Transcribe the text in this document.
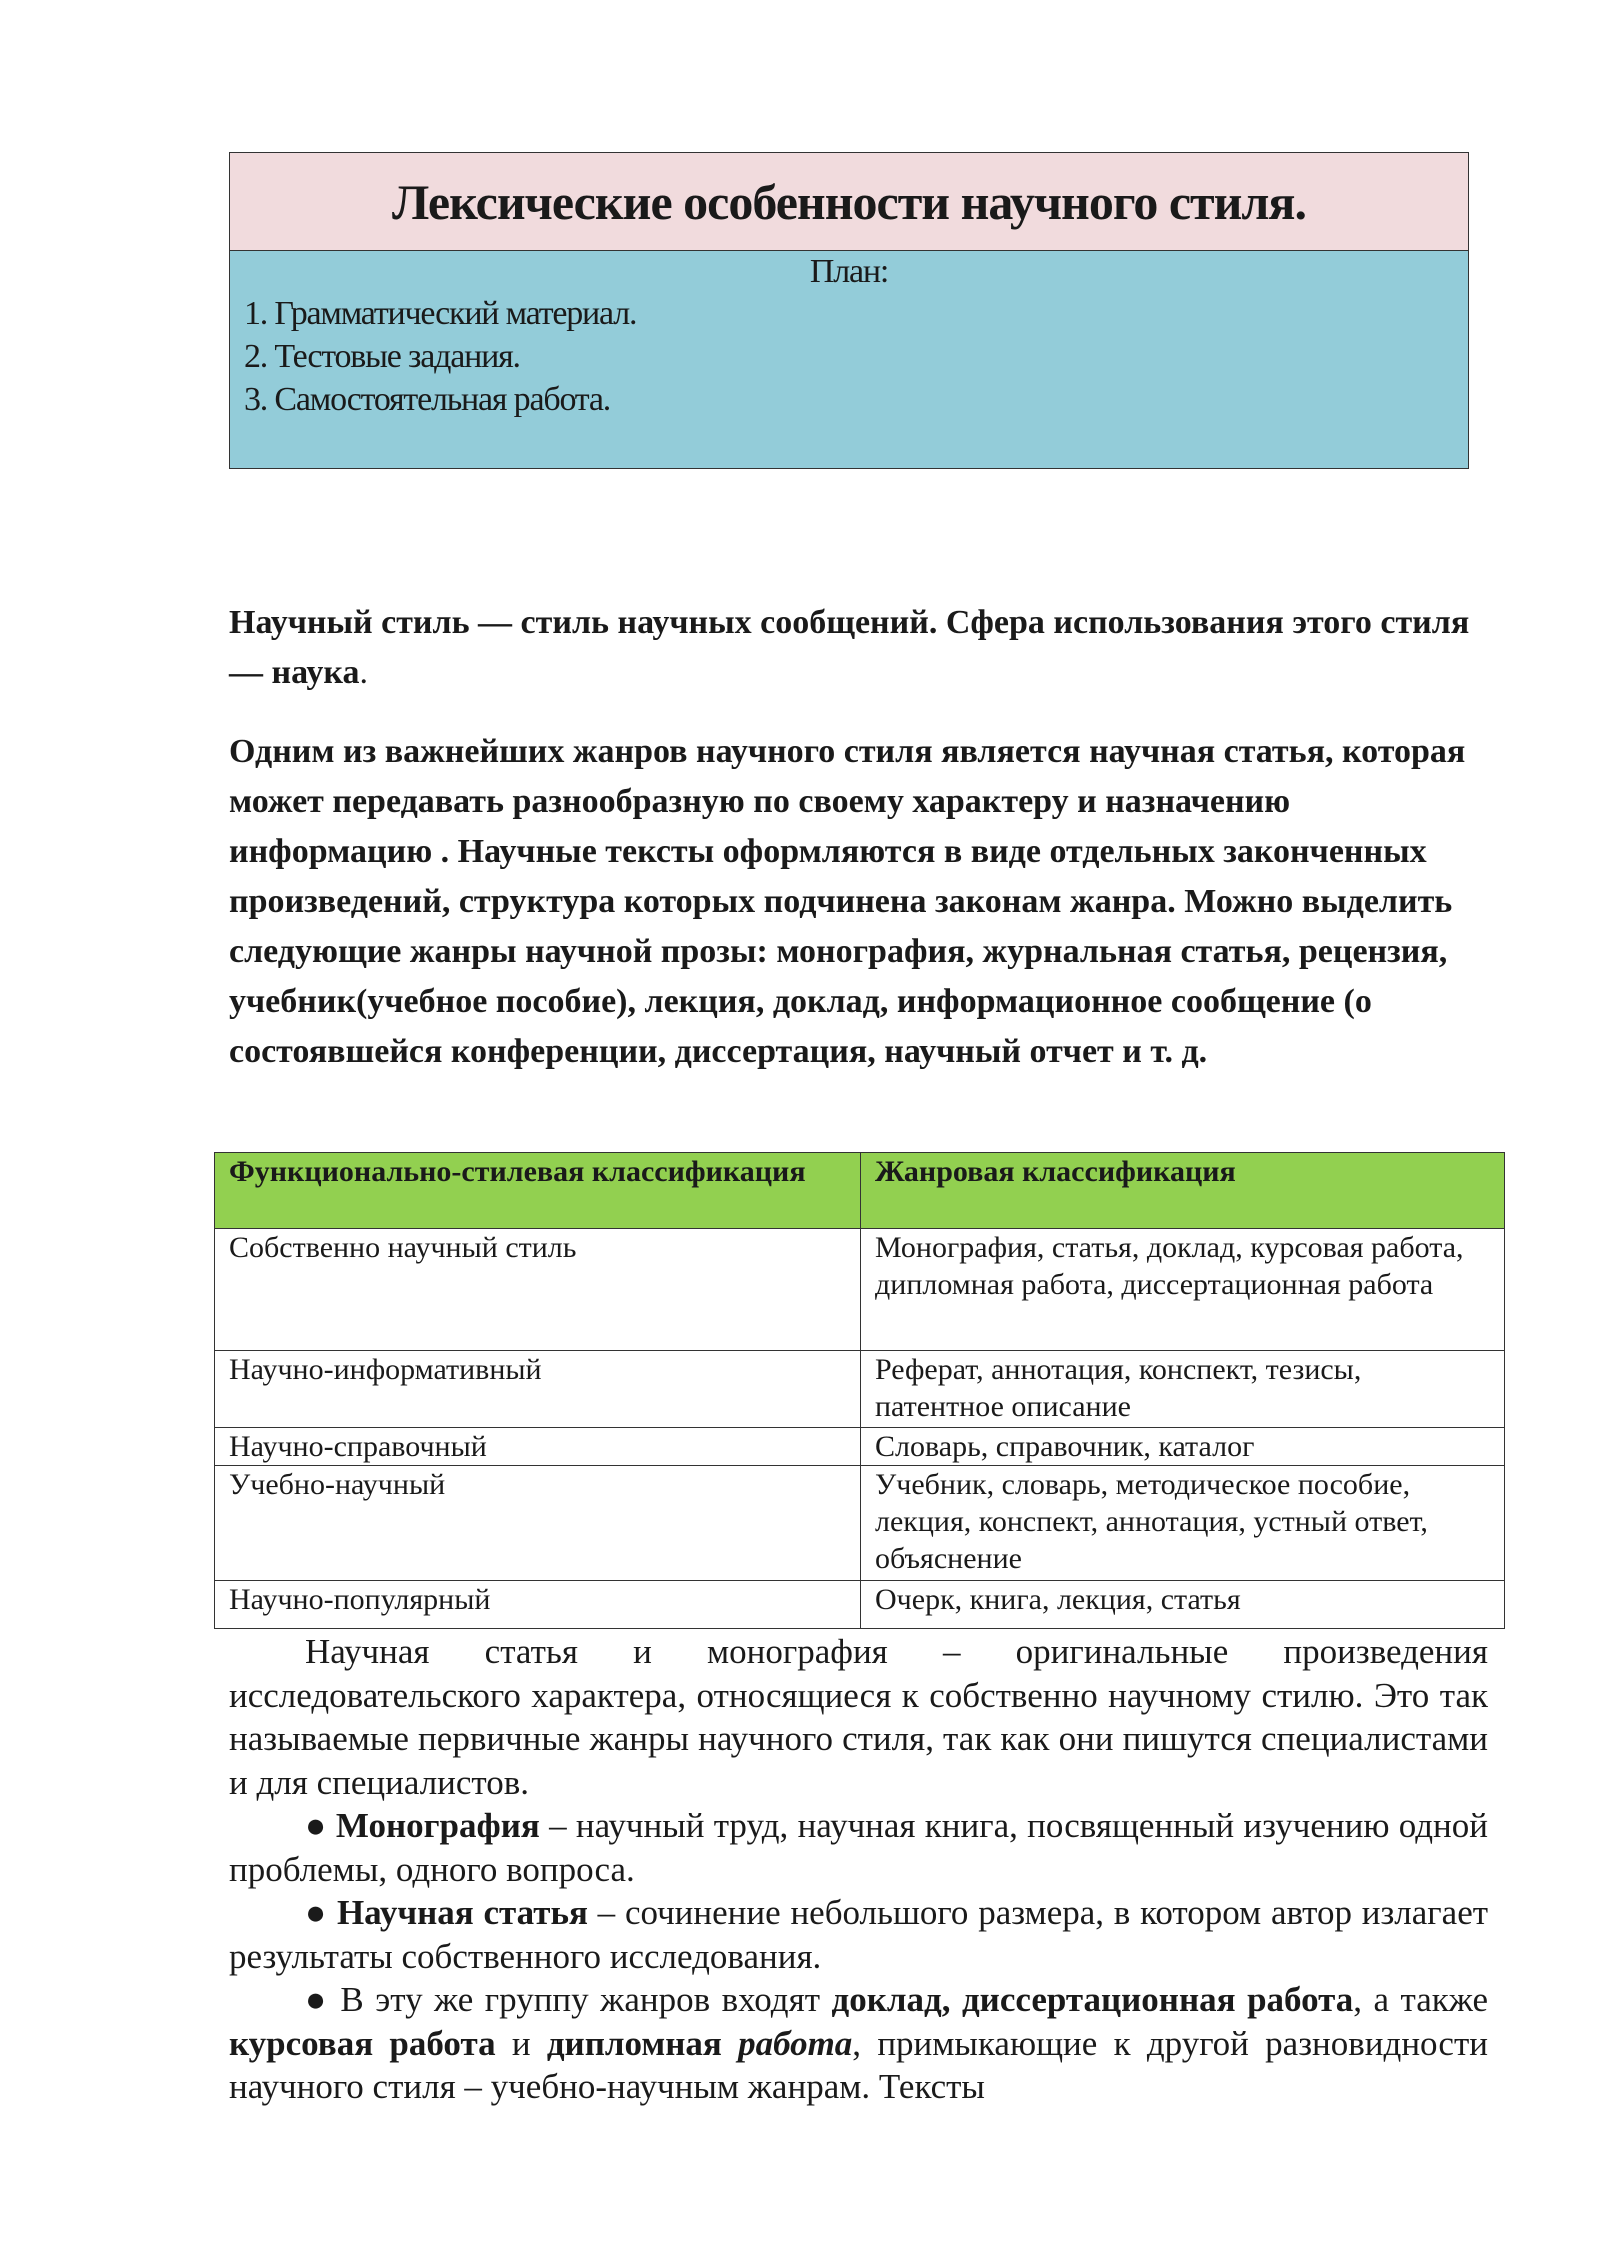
Лексические особенности научного стиля.
План:
1. Грамматический материал.
2. Тестовые задания.
3. Самостоятельная работа.

Научный стиль — стиль научных сообщений. Сфера использования этого стиля — наука.

Одним из важнейших жанров научного стиля является научная статья, которая может передавать разнообразную по своему характеру и назначению информацию . Научные тексты оформляются в виде отдельных законченных произведений, структура которых подчинена законам жанра. Можно выделить следующие жанры научной прозы: монография, журнальная статья, рецензия, учебник(учебное пособие), лекция, доклад, информационное сообщение (о состоявшейся конференции, диссертация, научный отчет и т. д.

Функционально-стилевая классификация	Жанровая классификация
Собственно научный стиль	Монография, статья, доклад, курсовая работа, дипломная работа, диссертационная работа
Научно-информативный	Реферат, аннотация, конспект, тезисы, патентное описание
Научно-справочный	Словарь, справочник, каталог
Учебно-научный	Учебник, словарь, методическое пособие, лекция, конспект, аннотация, устный ответ, объяснение
Научно-популярный	Очерк, книга, лекция, статья

Научная статья и монография – оригинальные произведения исследовательского характера, относящиеся к собственно научному стилю. Это так называемые первичные жанры научного стиля, так как они пишутся специалистами и для специалистов.

● Монография – научный труд, научная книга, посвященный изучению одной проблемы, одного вопроса.

● Научная статья – сочинение небольшого размера, в котором автор излагает результаты собственного исследования.

● В эту же группу жанров входят доклад, диссертационная работа, а также курсовая работа и дипломная работа, примыкающие к другой разновидности научного стиля – учебно-научным жанрам. Тексты
